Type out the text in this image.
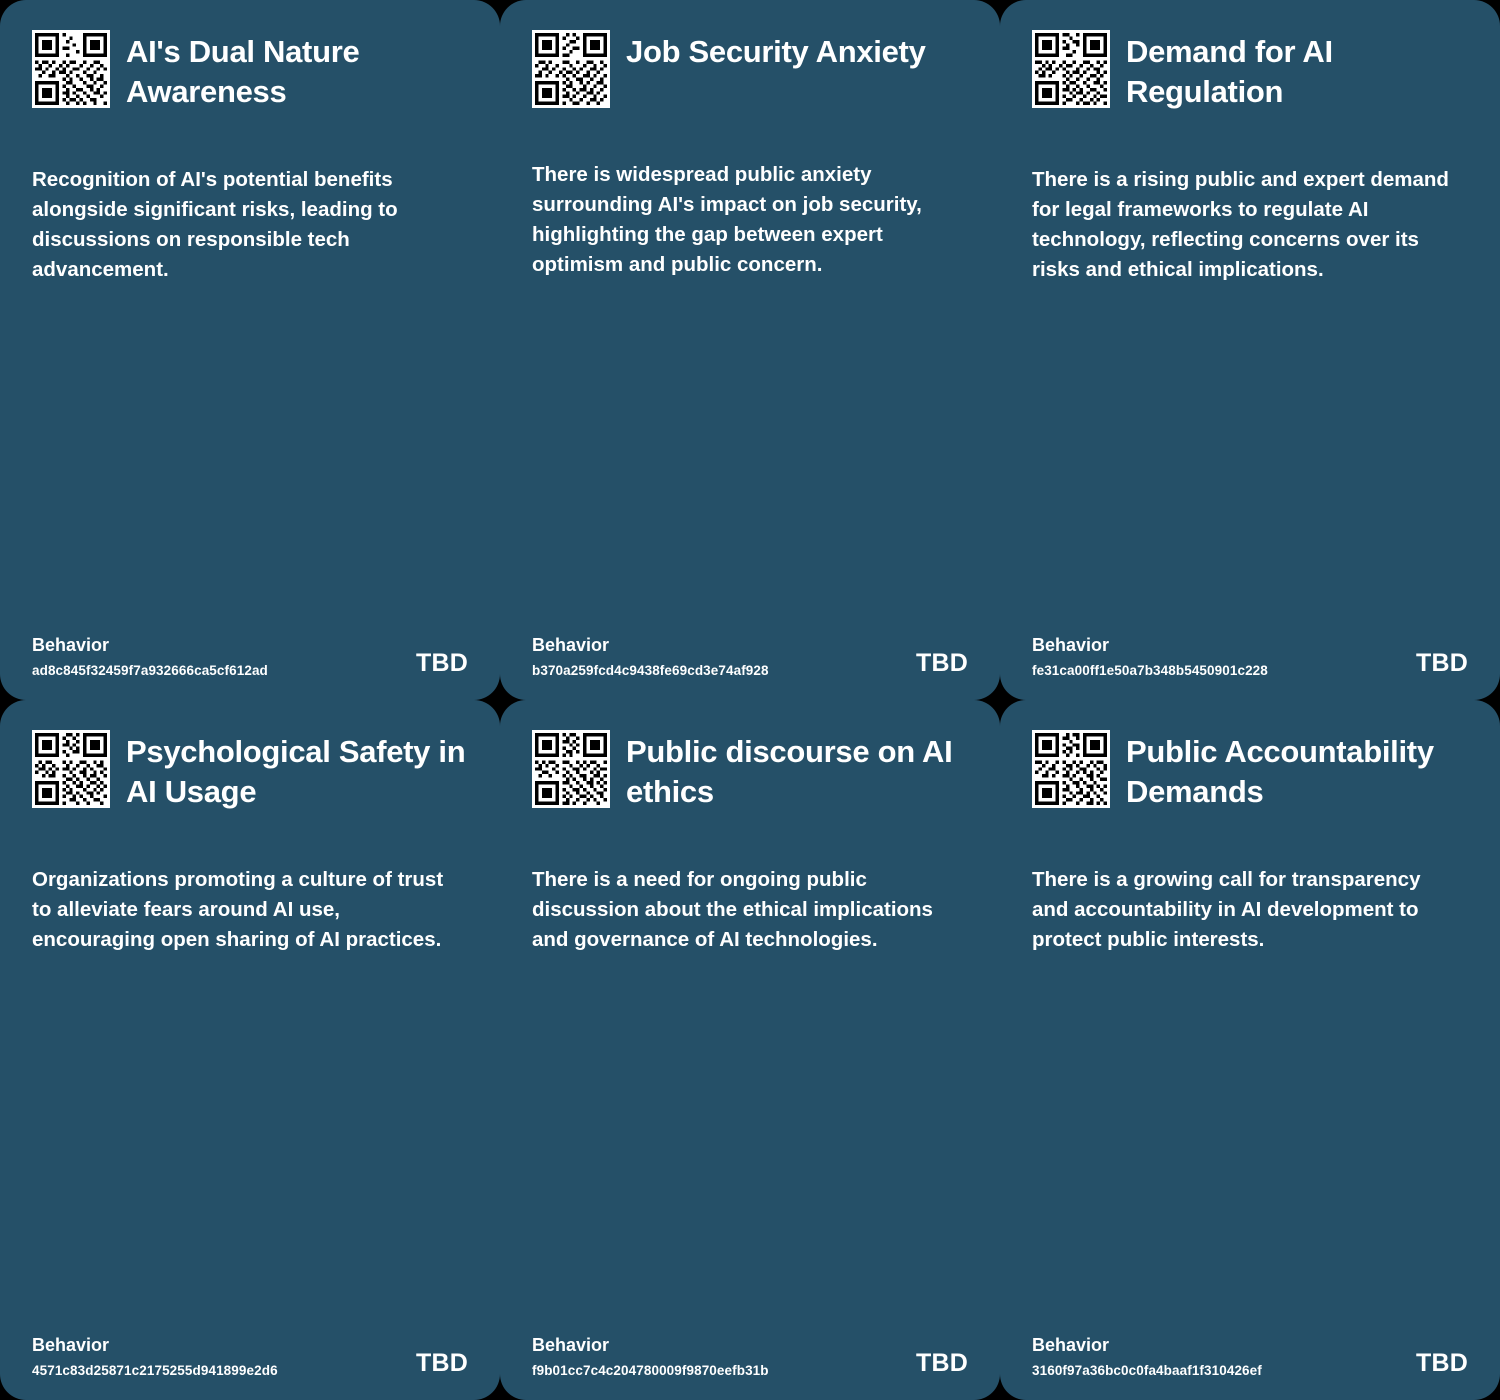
AI's Dual Nature Awareness
Recognition of AI's potential benefits alongside significant risks, leading to discussions on responsible tech advancement.
Behavior
ad8c845f32459f7a932666ca5cf612ad	TBD
Job Security Anxiety
There is widespread public anxiety surrounding AI's impact on job security, highlighting the gap between expert optimism and public concern.
Behavior
b370a259fcd4c9438fe69cd3e74af928	TBD
Demand for AI Regulation
There is a rising public and expert demand for legal frameworks to regulate AI technology, reflecting concerns over its risks and ethical implications.
Behavior
fe31ca00ff1e50a7b348b5450901c228	TBD
Psychological Safety in AI Usage
Organizations promoting a culture of trust to alleviate fears around AI use, encouraging open sharing of AI practices.
Behavior
4571c83d25871c2175255d941899e2d6	TBD
Public discourse on AI ethics
There is a need for ongoing public discussion about the ethical implications and governance of AI technologies.
Behavior
f9b01cc7c4c204780009f9870eefb31b	TBD
Public Accountability Demands
There is a growing call for transparency and accountability in AI development to protect public interests.
Behavior
3160f97a36bc0c0fa4baaf1f310426ef	TBD
